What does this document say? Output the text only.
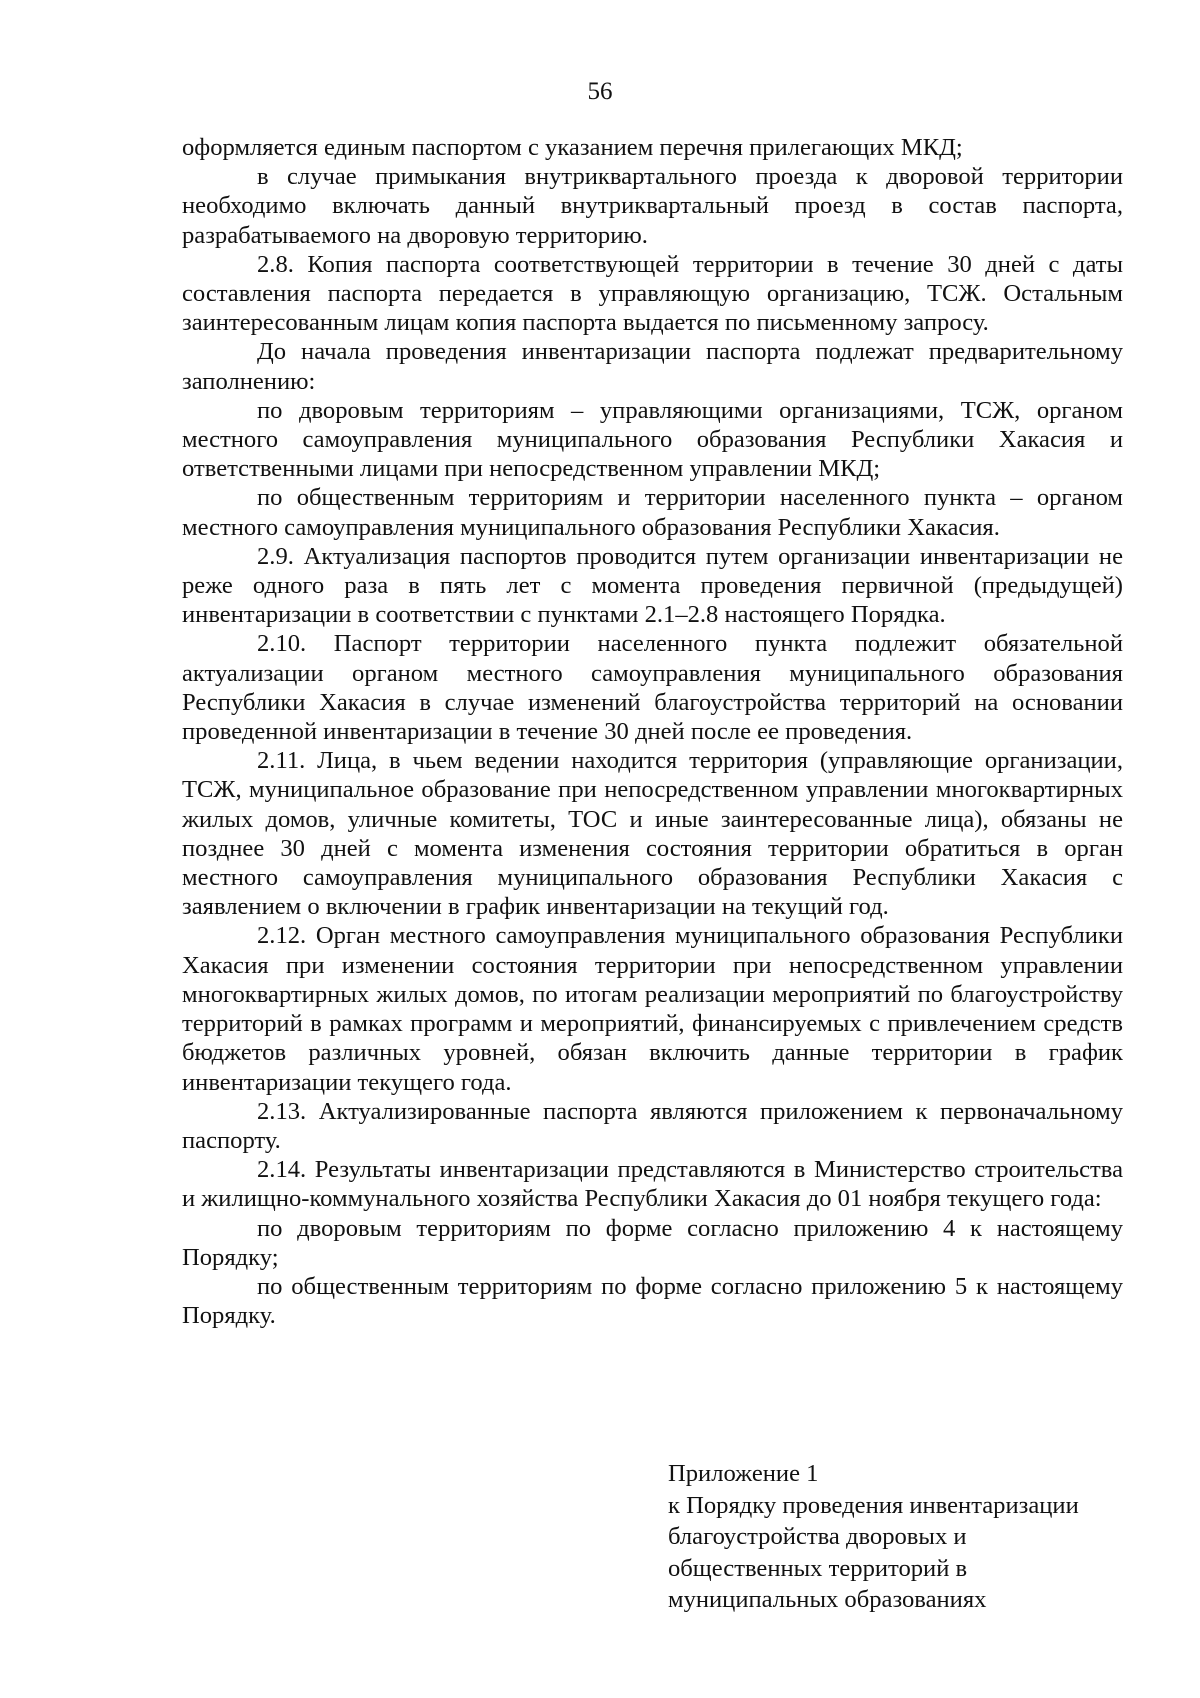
56

оформляется единым паспортом с указанием перечня прилегающих МКД;

в случае примыкания внутриквартального проезда к дворовой территории необходимо включать данный внутриквартальный проезд в состав паспорта, разрабатываемого на дворовую территорию.

2.8. Копия паспорта соответствующей территории в течение 30 дней с даты составления паспорта передается в управляющую организацию, ТСЖ. Остальным заинтересованным лицам копия паспорта выдается по письменному запросу.

До начала проведения инвентаризации паспорта подлежат предварительному заполнению:

по дворовым территориям – управляющими организациями, ТСЖ, органом местного самоуправления муниципального образования Республики Хакасия и ответственными лицами при непосредственном управлении МКД;

по общественным территориям и территории населенного пункта – органом местного самоуправления муниципального образования Республики Хакасия.

2.9. Актуализация паспортов проводится путем организации инвентаризации не реже одного раза в пять лет с момента проведения первичной (предыдущей) инвентаризации в соответствии с пунктами 2.1–2.8 настоящего Порядка.

2.10. Паспорт территории населенного пункта подлежит обязательной актуализации органом местного самоуправления муниципального образования Республики Хакасия в случае изменений благоустройства территорий на основании проведенной инвентаризации в течение 30 дней после ее проведения.

2.11. Лица, в чьем ведении находится территория (управляющие организации, ТСЖ, муниципальное образование при непосредственном управлении многоквартирных жилых домов, уличные комитеты, ТОС и иные заинтересованные лица), обязаны не позднее 30 дней с момента изменения состояния территории обратиться в орган местного самоуправления муниципального образования Республики Хакасия с заявлением о включении в график инвентаризации на текущий год.

2.12. Орган местного самоуправления муниципального образования Республики Хакасия при изменении состояния территории при непосредственном управлении многоквартирных жилых домов, по итогам реализации мероприятий по благоустройству территорий в рамках программ и мероприятий, финансируемых с привлечением средств бюджетов различных уровней, обязан включить данные территории в график инвентаризации текущего года.

2.13. Актуализированные паспорта являются приложением к первоначальному паспорту.

2.14. Результаты инвентаризации представляются в Министерство строительства и жилищно-коммунального хозяйства Республики Хакасия до 01 ноября текущего года:

по дворовым территориям по форме согласно приложению 4 к настоящему Порядку;

по общественным территориям по форме согласно приложению 5 к настоящему Порядку.

Приложение 1
к Порядку проведения инвентаризации
благоустройства дворовых и
общественных территорий в
муниципальных образованиях
